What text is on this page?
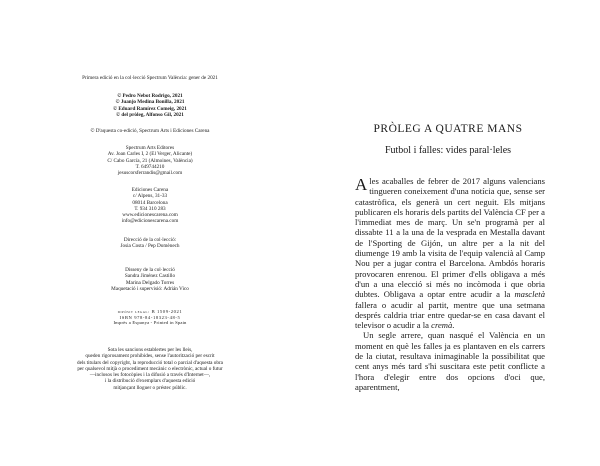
Primera edició en la col·lecció Spectrum València: gener de 2021

© Pedro Nebot Rodrigo, 2021

© Juanjo Medina Bonilla, 2021

© Eduard Ramírez Comeig, 2021

© del pròleg, Alfonso Gil, 2021

© D'aquesta co-edició, Spectrum Arts i Ediciones Carena

Spectrum Arts Editores

Av. Joan Carles I, 2 (El Verger, Alicante)

C/ Cabo García, 21 (Almoines, València)

T. 649744210

jesuscorsferrandis@gmail.com

Ediciones Carena

c/ Alpens, 31-33

08014 Barcelona

T. 934 310 283

www.edicionescarena.com

info@edicionescarena.com

Direcció de la col·lecció:

Josia Costa / Pep Domènech

Disseny de la col·lecció

Sandra Jiménez Castillo

Marina Delgado Torres

Maquetació i supervisió: Adrián Vico

dipòsit legal: B 1509-2021

ISBN 978-84-18323-48-5

Imprès a Espanya - Printed in Spain

Sota les sancions establertes per les lleis,

queden rigorosament prohibides, sense l'autorització per escrit

dels titulars del copyright, la reproducció total o parcial d'aquesta obra

per qualsevol mitjà o procediment mecànic o electrònic, actual o futur

—inclosos les fotocòpies i la difusió a través d'Internet—,

i la distribució d'exemplars d'aquesta edició

mitjançant lloguer o préstec públic.

PRÒLEG A QUATRE MANS
Futbol i falles: vides paral·leles

A les acaballes de febrer de 2017 alguns valencians tingueren coneixement d'una notícia que, sense ser catastròfica, els generà un cert neguit. Els mitjans publicaren els horaris dels partits del València CF per a l'immediat mes de març. Un se'n programà per al dissabte 11 a la una de la vesprada en Mestalla davant de l'Sporting de Gijón, un altre per a la nit del diumenge 19 amb la visita de l'equip valencià al Camp Nou per a jugar contra el Barcelona. Ambdós horaris provocaren enrenou. El primer d'ells obligava a més d'un a una elecció si més no incòmoda i que obria dubtes. Obligava a optar entre acudir a la mascletà fallera o acudir al partit, mentre que una setmana després caldria triar entre quedar-se en casa davant el televisor o acudir a la cremà.

Un segle arrere, quan nasqué el València en un moment en què les falles ja es plantaven en els carrers de la ciutat, resultava inimaginable la possibilitat que cent anys més tard s'hi suscitara este petit conflicte a l'hora d'elegir entre dos opcions d'oci que, aparentment,
